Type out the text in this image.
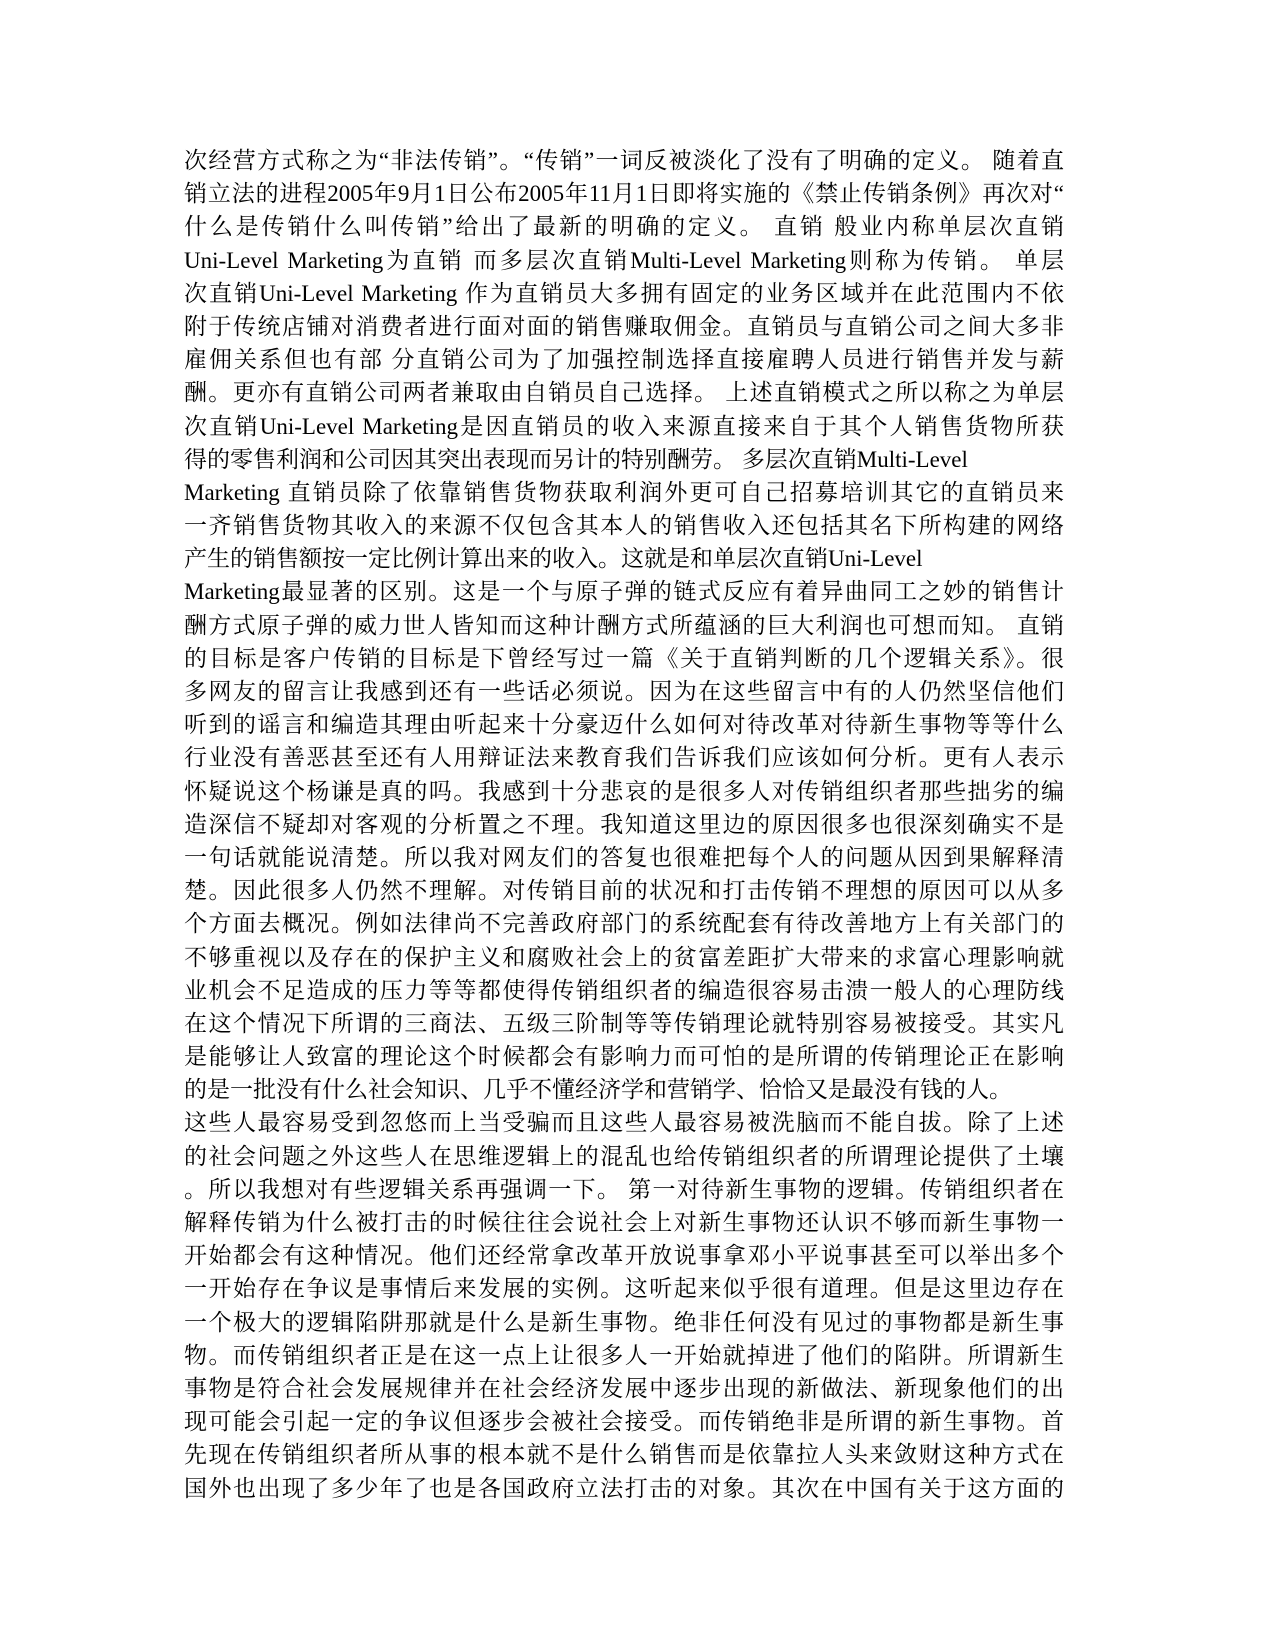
次经营方式称之为“非法传销”。“传销”一词反被淡化了没有了明确的定义。 随着直
销立法的进程2005年9月1日公布2005年11月1日即将实施的《禁止传销条例》再次对“
什么是传销什么叫传销”给出了最新的明确的定义。 直销 般业内称单层次直销
Uni-Level Marketing为直销 而多层次直销Multi-Level Marketing则称为传销。 单层
次直销Uni-Level Marketing 作为直销员大多拥有固定的业务区域并在此范围内不依
附于传统店铺对消费者进行面对面的销售赚取佣金。直销员与直销公司之间大多非
雇佣关系但也有部 分直销公司为了加强控制选择直接雇聘人员进行销售并发与薪
酬。更亦有直销公司两者兼取由自销员自己选择。 上述直销模式之所以称之为单层
次直销Uni-Level Marketing是因直销员的收入来源直接来自于其个人销售货物所获
得的零售利润和公司因其突出表现而另计的特别酬劳。 多层次直销Multi-Level
Marketing 直销员除了依靠销售货物获取利润外更可自己招募培训其它的直销员来
一齐销售货物其收入的来源不仅包含其本人的销售收入还包括其名下所构建的网络
产生的销售额按一定比例计算出来的收入。这就是和单层次直销Uni-Level
Marketing最显著的区别。这是一个与原子弹的链式反应有着异曲同工之妙的销售计
酬方式原子弹的威力世人皆知而这种计酬方式所蕴涵的巨大利润也可想而知。 直销
的目标是客户传销的目标是下曾经写过一篇《关于直销判断的几个逻辑关系》。很
多网友的留言让我感到还有一些话必须说。因为在这些留言中有的人仍然坚信他们
听到的谣言和编造其理由听起来十分豪迈什么如何对待改革对待新生事物等等什么
行业没有善恶甚至还有人用辩证法来教育我们告诉我们应该如何分析。更有人表示
怀疑说这个杨谦是真的吗。我感到十分悲哀的是很多人对传销组织者那些拙劣的编
造深信不疑却对客观的分析置之不理。我知道这里边的原因很多也很深刻确实不是
一句话就能说清楚。所以我对网友们的答复也很难把每个人的问题从因到果解释清
楚。因此很多人仍然不理解。对传销目前的状况和打击传销不理想的原因可以从多
个方面去概况。例如法律尚不完善政府部门的系统配套有待改善地方上有关部门的
不够重视以及存在的保护主义和腐败社会上的贫富差距扩大带来的求富心理影响就
业机会不足造成的压力等等都使得传销组织者的编造很容易击溃一般人的心理防线
在这个情况下所谓的三商法、五级三阶制等等传销理论就特别容易被接受。其实凡
是能够让人致富的理论这个时候都会有影响力而可怕的是所谓的传销理论正在影响
的是一批没有什么社会知识、几乎不懂经济学和营销学、恰恰又是最没有钱的人。
这些人最容易受到忽悠而上当受骗而且这些人最容易被洗脑而不能自拔。除了上述
的社会问题之外这些人在思维逻辑上的混乱也给传销组织者的所谓理论提供了土壤
。所以我想对有些逻辑关系再强调一下。 第一对待新生事物的逻辑。传销组织者在
解释传销为什么被打击的时候往往会说社会上对新生事物还认识不够而新生事物一
开始都会有这种情况。他们还经常拿改革开放说事拿邓小平说事甚至可以举出多个
一开始存在争议是事情后来发展的实例。这听起来似乎很有道理。但是这里边存在
一个极大的逻辑陷阱那就是什么是新生事物。绝非任何没有见过的事物都是新生事
物。而传销组织者正是在这一点上让很多人一开始就掉进了他们的陷阱。所谓新生
事物是符合社会发展规律并在社会经济发展中逐步出现的新做法、新现象他们的出
现可能会引起一定的争议但逐步会被社会接受。而传销绝非是所谓的新生事物。首
先现在传销组织者所从事的根本就不是什么销售而是依靠拉人头来敛财这种方式在
国外也出现了多少年了也是各国政府立法打击的对象。其次在中国有关于这方面的
